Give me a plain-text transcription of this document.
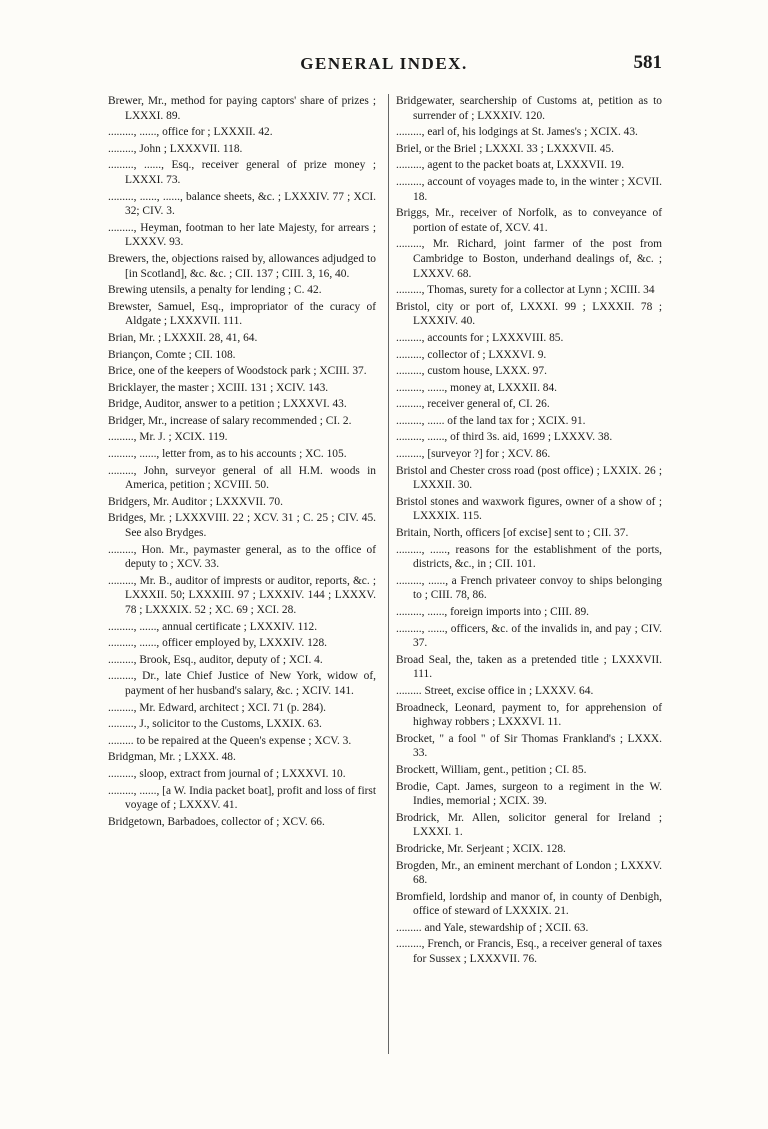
GENERAL INDEX.	581

Brewer, Mr., method for paying captors' share of prizes ; LXXXI. 89.

........., ......, office for ; LXXXII. 42.

........., John ; LXXXVII. 118.

........., ......, Esq., receiver general of prize money ; LXXXI. 73.

........., ......, ......, balance sheets, &c. ; LXXXIV. 77 ; XCI. 32; CIV. 3.

........., Heyman, footman to her late Majesty, for arrears ; LXXXV. 93.

Brewers, the, objections raised by, allowances adjudged to [in Scotland], &c. &c. ; CII. 137 ; CIII. 3, 16, 40.

Brewing utensils, a penalty for lending ; C. 42.

Brewster, Samuel, Esq., impropriator of the curacy of Aldgate ; LXXXVII. 111.

Brian, Mr. ; LXXXII. 28, 41, 64.

Briançon, Comte ; CII. 108.

Brice, one of the keepers of Woodstock park ; XCIII. 37.

Bricklayer, the master ; XCIII. 131 ; XCIV. 143.

Bridge, Auditor, answer to a petition ; LXXXVI. 43.

Bridger, Mr., increase of salary recommended ; CI. 2.

........., Mr. J. ; XCIX. 119.

........., ......, letter from, as to his accounts ; XC. 105.

........., John, surveyor general of all H.M. woods in America, petition ; XCVIII. 50.

Bridgers, Mr. Auditor ; LXXXVII. 70.

Bridges, Mr. ; LXXXVIII. 22 ; XCV. 31 ; C. 25 ; CIV. 45. See also Brydges.

........., Hon. Mr., paymaster general, as to the office of deputy to ; XCV. 33.

........., Mr. B., auditor of imprests or auditor, reports, &c. ; LXXXII. 50; LXXXIII. 97 ; LXXXIV. 144 ; LXXXV. 78 ; LXXXIX. 52 ; XC. 69 ; XCI. 28.

........., ......, annual certificate ; LXXXIV. 112.

........., ......, officer employed by, LXXXIV. 128.

........., Brook, Esq., auditor, deputy of ; XCI. 4.

........., Dr., late Chief Justice of New York, widow of, payment of her husband's salary, &c. ; XCIV. 141.

........., Mr. Edward, architect ; XCI. 71 (p. 284).

........., J., solicitor to the Customs, LXXIX. 63.

......... to be repaired at the Queen's expense ; XCV. 3.

Bridgman, Mr. ; LXXX. 48.

........., sloop, extract from journal of ; LXXXVI. 10.

........., ......, [a W. India packet boat], profit and loss of first voyage of ; LXXXV. 41.

Bridgetown, Barbadoes, collector of ; XCV. 66.

Bridgewater, searchership of Customs at, petition as to surrender of ; LXXXIV. 120.

........., earl of, his lodgings at St. James's ; XCIX. 43.

Briel, or the Briel ; LXXXI. 33 ; LXXXVII. 45.

........., agent to the packet boats at, LXXXVII. 19.

........., account of voyages made to, in the winter ; XCVII. 18.

Briggs, Mr., receiver of Norfolk, as to conveyance of portion of estate of, XCV. 41.

........., Mr. Richard, joint farmer of the post from Cambridge to Boston, underhand dealings of, &c. ; LXXXV. 68.

........., Thomas, surety for a collector at Lynn ; XCIII. 34

Bristol, city or port of, LXXXI. 99 ; LXXXII. 78 ; LXXXIV. 40.

........., accounts for ; LXXXVIII. 85.

........., collector of ; LXXXVI. 9.

........., custom house, LXXX. 97.

........., ......, money at, LXXXII. 84.

........., receiver general of, CI. 26.

........., ...... of the land tax for ; XCIX. 91.

........., ......, of third 3s. aid, 1699 ; LXXXV. 38.

........., [surveyor ?] for ; XCV. 86.

Bristol and Chester cross road (post office) ; LXXIX. 26 ; LXXXII. 30.

Bristol stones and waxwork figures, owner of a show of ; LXXXIX. 115.

Britain, North, officers [of excise] sent to ; CII. 37.

........., ......, reasons for the establishment of the ports, districts, &c., in ; CII. 101.

........., ......, a French privateer convoy to ships belonging to ; CIII. 78, 86.

........., ......, foreign imports into ; CIII. 89.

........., ......, officers, &c. of the invalids in, and pay ; CIV. 37.

Broad Seal, the, taken as a pretended title ; LXXXVII. 111.

......... Street, excise office in ; LXXXV. 64.

Broadneck, Leonard, payment to, for apprehension of highway robbers ; LXXXVI. 11.

Brocket, " a fool " of Sir Thomas Frankland's ; LXXX. 33.

Brockett, William, gent., petition ; CI. 85.

Brodie, Capt. James, surgeon to a regiment in the W. Indies, memorial ; XCIX. 39.

Brodrick, Mr. Allen, solicitor general for Ireland ; LXXXI. 1.

Brodricke, Mr. Serjeant ; XCIX. 128.

Brogden, Mr., an eminent merchant of London ; LXXXV. 68.

Bromfield, lordship and manor of, in county of Denbigh, office of steward of LXXXIX. 21.

......... and Yale, stewardship of ; XCII. 63.

........., French, or Francis, Esq., a receiver general of taxes for Sussex ; LXXXVII. 76.
